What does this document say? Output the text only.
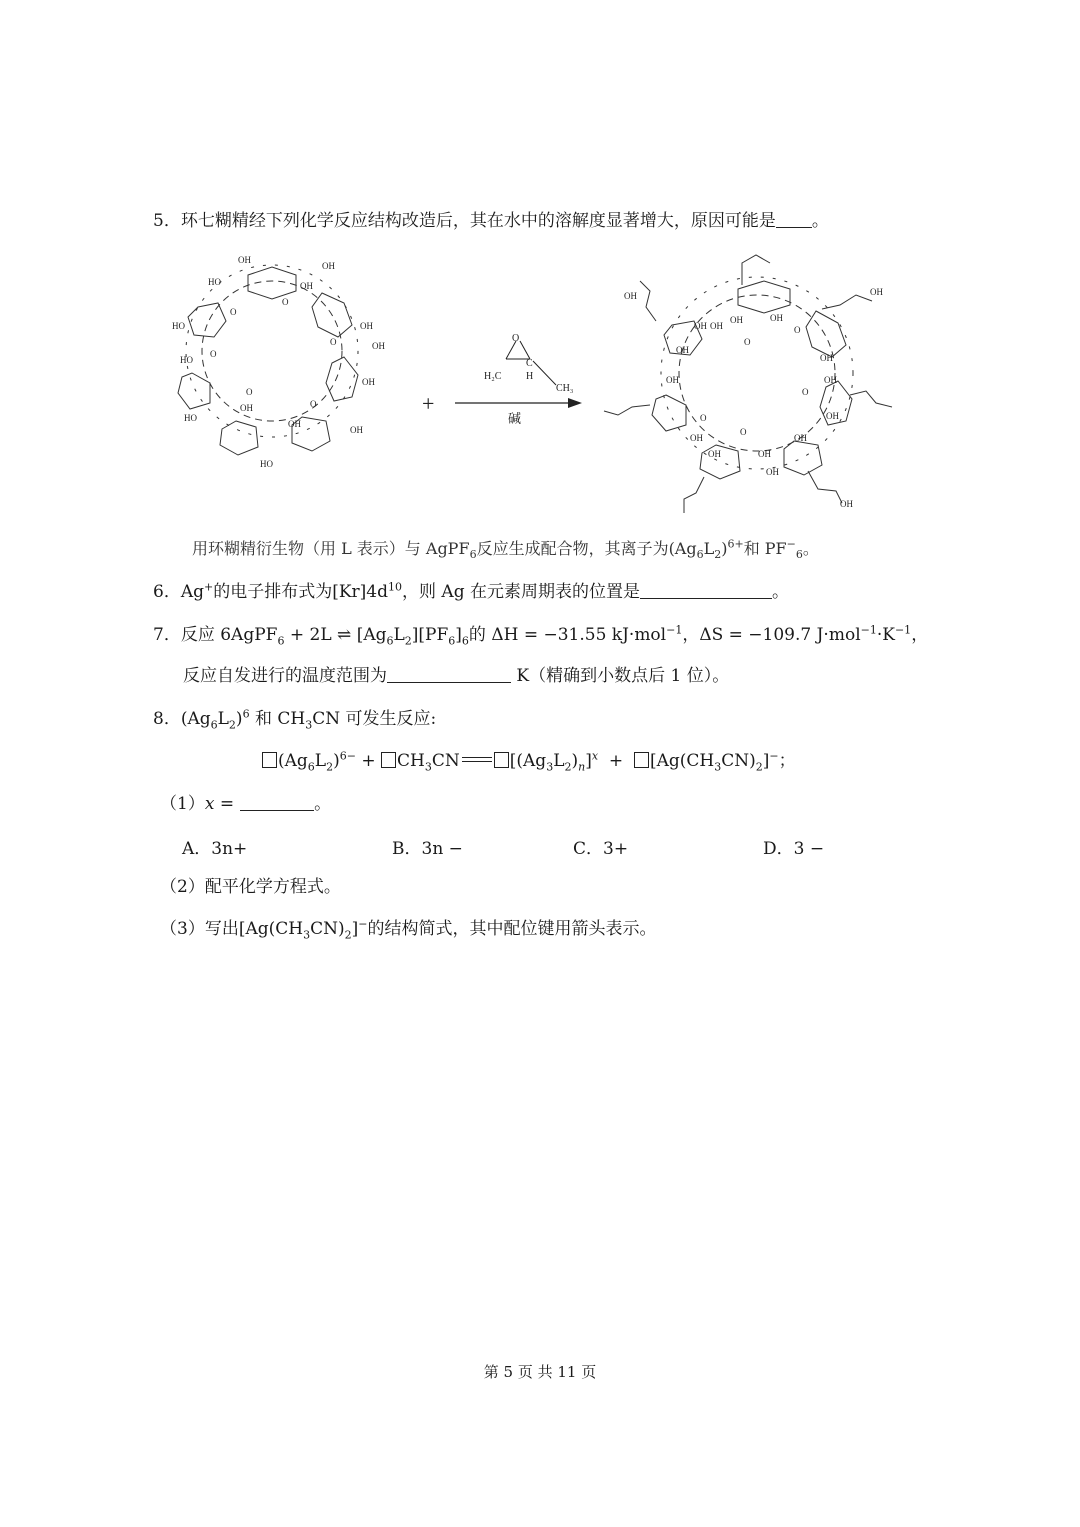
5．环七糊精经下列化学反应结构改造后，其在水中的溶解度显著增大，原因可能是 。
OH
OH
HO
OH
HO
OH
HO
OH
HO
OH
OH
OH
HO
OH
O
O
O
O
O
O	+
O
H₂C
C
H
CH₃
碱
OH	OH
OH OH
OH	OH
OH
OH
OH
OH
OH
OH
OH	OH
OH
OH
OH
O
O
O
O
O
用环糊精衍生物（用 L 表示）与 AgPF$_6$反应生成配合物，其离子为$(Ag_6L_2)^{6+}$和 $PF^-_6$。
6．Ag+的电子排布式为$[Kr]4d^{10}$，则 Ag 在元素周期表的位置是	。
7．反应 6AgPF$_6$ + 2L ⇌ $[Ag_6L_2][PF_6]_6$的 ΔH = −31.55 kJ·mol$^{-1}$，ΔS = −109.7 $J\cdot mol^{-1}\cdot K^{-1}$，
反应自发进行的温度范围为	K（精确到小数点后 1 位）。
8．$(Ag_6L_2)^6$ 和 $CH_3CN$ 可发生反应:
$(Ag_6L_2)^{6-} + CH_3CN$	$[(Ag_3L_2)_n]^x + [Ag(CH_3CN)_2]^-$；
（1）x =	。
A．3n+	B．3n −	C．3+	D．3 −
（2）配平化学方程式。
（3）写出$[Ag(CH_3CN)_2]^-$的结构简式，其中配位键用箭头表示。
第 5 页 共 11 页
